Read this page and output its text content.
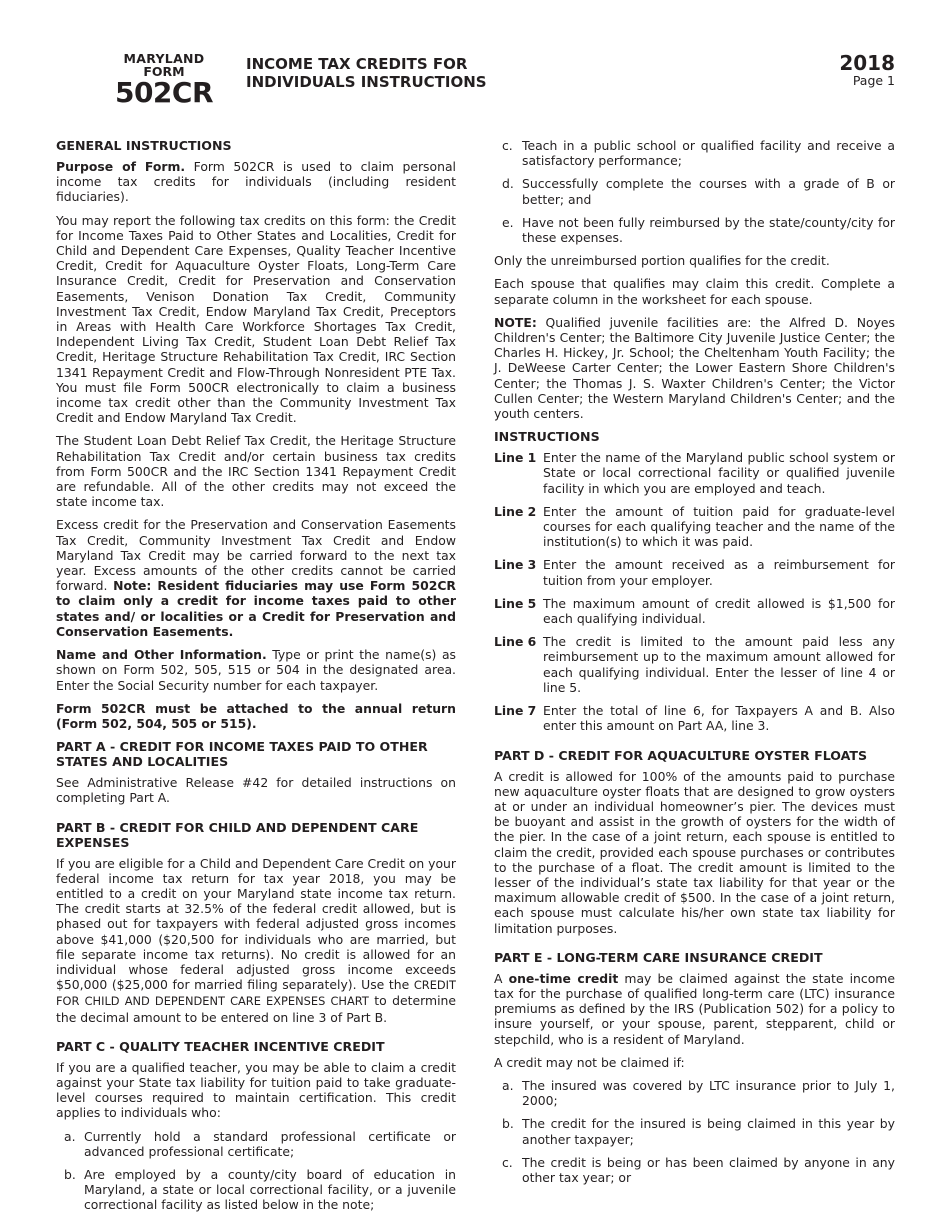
MARYLAND
FORM
502CR
INCOME TAX CREDITS FOR
INDIVIDUALS INSTRUCTIONS
2018
Page 1
GENERAL INSTRUCTIONS

Purpose of Form. Form 502CR is used to claim personal income tax credits for individuals (including resident fiduciaries).

You may report the following tax credits on this form: the Credit for Income Taxes Paid to Other States and Localities, Credit for Child and Dependent Care Expenses, Quality Teacher Incentive Credit, Credit for Aquaculture Oyster Floats, Long-Term Care Insurance Credit, Credit for Preservation and Conservation Easements, Venison Donation Tax Credit, Community Investment Tax Credit, Endow Maryland Tax Credit, Preceptors in Areas with Health Care Workforce Shortages Tax Credit, Independent Living Tax Credit, Student Loan Debt Relief Tax Credit, Heritage Structure Rehabilitation Tax Credit, IRC Section 1341 Repayment Credit and Flow-Through Nonresident PTE Tax. You must file Form 500CR electronically to claim a business income tax credit other than the Community Investment Tax Credit and Endow Maryland Tax Credit.

The Student Loan Debt Relief Tax Credit, the Heritage Structure Rehabilitation Tax Credit and/or certain business tax credits from Form 500CR and the IRC Section 1341 Repayment Credit are refundable. All of the other credits may not exceed the state income tax.

Excess credit for the Preservation and Conservation Easements Tax Credit, Community Investment Tax Credit and Endow Maryland Tax Credit may be carried forward to the next tax year. Excess amounts of the other credits cannot be carried forward. Note: Resident fiduciaries may use Form 502CR to claim only a credit for income taxes paid to other states and/ or localities or a Credit for Preservation and Conservation Easements.

Name and Other Information. Type or print the name(s) as shown on Form 502, 505, 515 or 504 in the designated area. Enter the Social Security number for each taxpayer.

Form 502CR must be attached to the annual return (Form 502, 504, 505 or 515).

PART A - CREDIT FOR INCOME TAXES PAID TO OTHER STATES AND LOCALITIES

See Administrative Release #42 for detailed instructions on completing Part A.

PART B - CREDIT FOR CHILD AND DEPENDENT CARE EXPENSES

If you are eligible for a Child and Dependent Care Credit on your federal income tax return for tax year 2018, you may be entitled to a credit on your Maryland state income tax return. The credit starts at 32.5% of the federal credit allowed, but is phased out for taxpayers with federal adjusted gross incomes above $41,000 ($20,500 for individuals who are married, but file separate income tax returns). No credit is allowed for an individual whose federal adjusted gross income exceeds $50,000 ($25,000 for married filing separately). Use the CREDIT FOR CHILD AND DEPENDENT CARE EXPENSES CHART to determine the decimal amount to be entered on line 3 of Part B.

PART C - QUALITY TEACHER INCENTIVE CREDIT

If you are a qualified teacher, you may be able to claim a credit against your State tax liability for tuition paid to take graduate-level courses required to maintain certification. This credit applies to individuals who:

a. Currently hold a standard professional certificate or advanced professional certificate;
b. Are employed by a county/city board of education in Maryland, a state or local correctional facility, or a juvenile correctional facility as listed below in the note;
c. Teach in a public school or qualified facility and receive a satisfactory performance;
d. Successfully complete the courses with a grade of B or better; and
e. Have not been fully reimbursed by the state/county/city for these expenses.

Only the unreimbursed portion qualifies for the credit.

Each spouse that qualifies may claim this credit. Complete a separate column in the worksheet for each spouse.

NOTE: Qualified juvenile facilities are: the Alfred D. Noyes Children's Center; the Baltimore City Juvenile Justice Center; the Charles H. Hickey, Jr. School; the Cheltenham Youth Facility; the J. DeWeese Carter Center; the Lower Eastern Shore Children's Center; the Thomas J. S. Waxter Children's Center; the Victor Cullen Center; the Western Maryland Children's Center; and the youth centers.

INSTRUCTIONS
Line 1 Enter the name of the Maryland public school system or State or local correctional facility or qualified juvenile facility in which you are employed and teach.
Line 2 Enter the amount of tuition paid for graduate-level courses for each qualifying teacher and the name of the institution(s) to which it was paid.
Line 3 Enter the amount received as a reimbursement for tuition from your employer.
Line 5 The maximum amount of credit allowed is $1,500 for each qualifying individual.
Line 6 The credit is limited to the amount paid less any reimbursement up to the maximum amount allowed for each qualifying individual. Enter the lesser of line 4 or line 5.
Line 7 Enter the total of line 6, for Taxpayers A and B. Also enter this amount on Part AA, line 3.
PART D - CREDIT FOR AQUACULTURE OYSTER FLOATS

A credit is allowed for 100% of the amounts paid to purchase new aquaculture oyster floats that are designed to grow oysters at or under an individual homeowner’s pier. The devices must be buoyant and assist in the growth of oysters for the width of the pier. In the case of a joint return, each spouse is entitled to claim the credit, provided each spouse purchases or contributes to the purchase of a float. The credit amount is limited to the lesser of the individual’s state tax liability for that year or the maximum allowable credit of $500. In the case of a joint return, each spouse must calculate his/her own state tax liability for limitation purposes.

PART E - LONG-TERM CARE INSURANCE CREDIT

A one-time credit may be claimed against the state income tax for the purchase of qualified long-term care (LTC) insurance premiums as defined by the IRS (Publication 502) for a policy to insure yourself, or your spouse, parent, stepparent, child or stepchild, who is a resident of Maryland.

A credit may not be claimed if:

a. The insured was covered by LTC insurance prior to July 1, 2000;
b. The credit for the insured is being claimed in this year by another taxpayer;
c. The credit is being or has been claimed by anyone in any other tax year; or
